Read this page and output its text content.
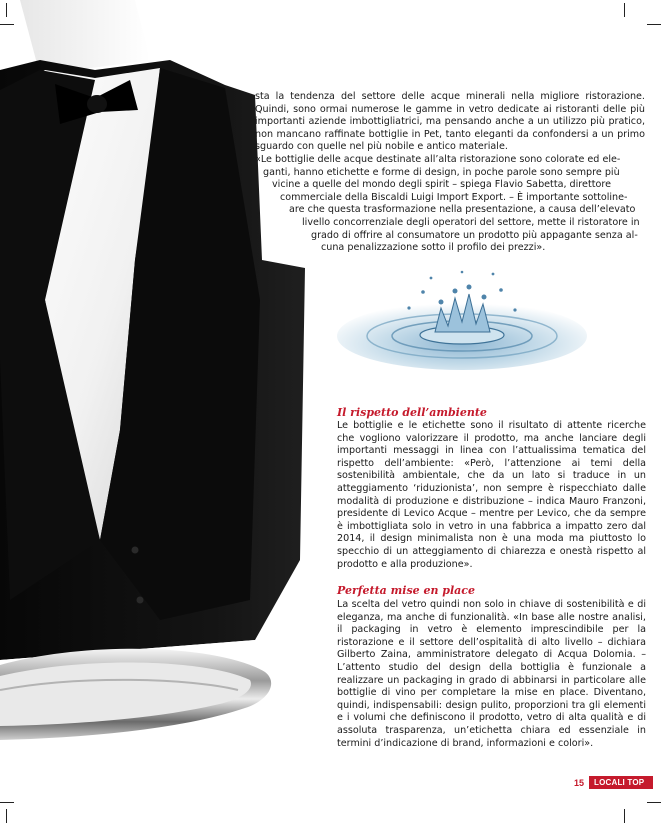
sta la tendenza del settore delle acque minerali nella migliore ristorazione. Quindi, sono ormai numerose le gamme in vetro dedicate ai ristoranti delle più importanti aziende imbottigliatrici, ma pensando anche a un utilizzo più pratico, non mancano raffinate bottiglie in Pet, tanto eleganti da confondersi a un primo sguardo con quelle nel più nobile e antico materiale.

«Le bottiglie delle acque destinate all’alta ristorazione sono colorate ed ele-
ganti, hanno etichette e forme di design, in poche parole sono sempre più
vicine a quelle del mondo degli spirit – spiega Flavio Sabetta, direttore
commerciale della Biscaldi Luigi Import Export. – È importante sottoline-
are che questa trasformazione nella presentazione, a causa dell’elevato
livello concorrenziale degli operatori del settore, mette il ristoratore in
grado di offrire al consumatore un prodotto più appagante senza al-
cuna penalizzazione sotto il profilo dei prezzi».
Il rispetto dell’ambiente

Le bottiglie e le etichette sono il risultato di attente ricerche che vogliono valorizzare il prodotto, ma anche lanciare degli importanti messaggi in linea con l’attualissima tematica del rispetto dell’ambiente: «Però, l’attenzione ai temi della sostenibilità ambientale, che da un lato si traduce in un atteggiamento ‘riduzionista’, non sempre è rispecchiato dalle modalità di produzione e distribuzione – indica Mauro Franzoni, presidente di Levico Acque – mentre per Levico, che da sempre è imbottigliata solo in vetro in una fabbrica a impatto zero dal 2014, il design minimalista non è una moda ma piuttosto lo specchio di un atteggiamento di chiarezza e onestà rispetto al prodotto e alla produzione».

Perfetta mise en place

La scelta del vetro quindi non solo in chiave di sostenibilità e di eleganza, ma anche di funzionalità. «In base alle nostre analisi, il packaging in vetro è elemento imprescindibile per la ristorazione e il settore dell’ospitalità di alto livello – dichiara Gilberto Zaina, amministratore delegato di Acqua Dolomia. – L’attento studio del design della bottiglia è funzionale a realizzare un packaging in grado di abbinarsi in particolare alle bottiglie di vino per completare la mise en place. Diventano, quindi, indispensabili: design pulito, proporzioni tra gli elementi e i volumi che definiscono il prodotto, vetro di alta qualità e di assoluta trasparenza, un’etichetta chiara ed essenziale in termini d’indicazione di brand, informazioni e colori».

15 LOCALI TOP
